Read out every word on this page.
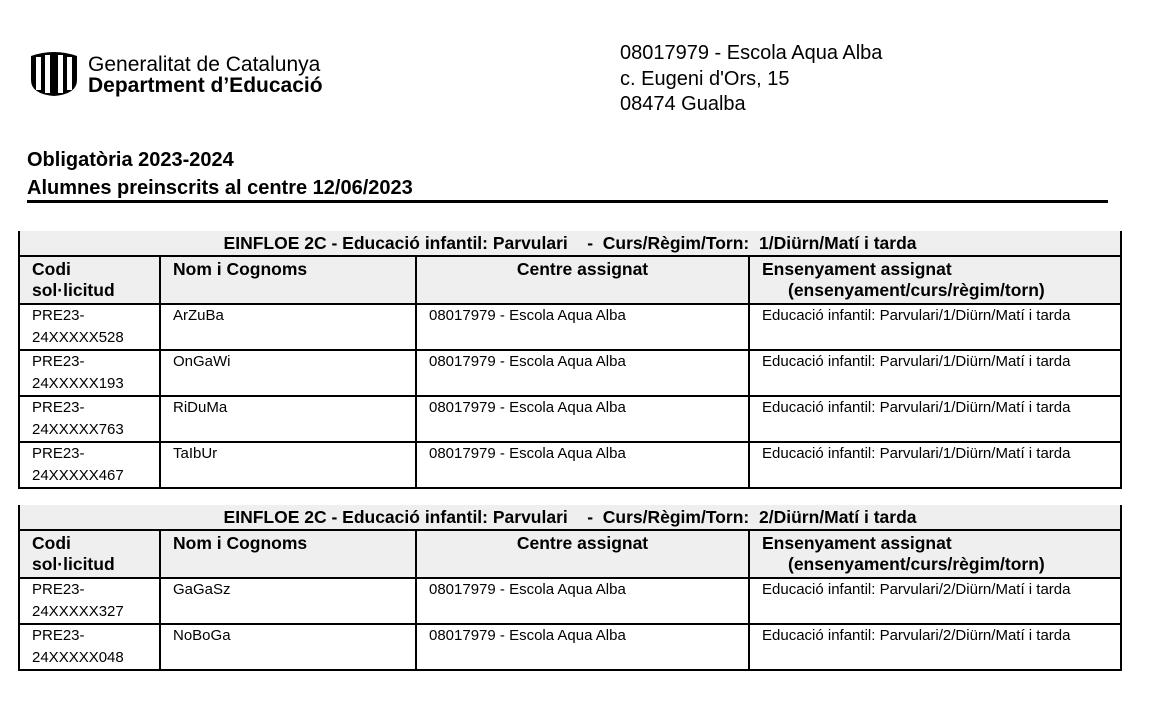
Generalitat de Catalunya
Department d’Educació
08017979 - Escola Aqua Alba
c. Eugeni d'Ors, 15
08474 Gualba
Obligatòria 2023-2024
Alumnes preinscrits al centre 12/06/2023
EINFLOE 2C - Educació infantil: Parvulari    -  Curs/Règim/Torn:  1/Diürn/Matí i tarda			
Codi
sol·licitud	Nom i Cognoms	Centre assignat	Ensenyament assignat
(ensenyament/curs/règim/torn)

PRE23-
24XXXXX528	ArZuBa	08017979 - Escola Aqua Alba	Educació infantil: Parvulari/1/Diürn/Matí i tarda
PRE23-
24XXXXX193	OnGaWi	08017979 - Escola Aqua Alba	Educació infantil: Parvulari/1/Diürn/Matí i tarda
PRE23-
24XXXXX763	RiDuMa	08017979 - Escola Aqua Alba	Educació infantil: Parvulari/1/Diürn/Matí i tarda
PRE23-
24XXXXX467	TaIbUr	08017979 - Escola Aqua Alba	Educació infantil: Parvulari/1/Diürn/Matí i tarda
EINFLOE 2C - Educació infantil: Parvulari    -  Curs/Règim/Torn:  2/Diürn/Matí i tarda			
Codi
sol·licitud	Nom i Cognoms	Centre assignat	Ensenyament assignat
(ensenyament/curs/règim/torn)

PRE23-
24XXXXX327	GaGaSz	08017979 - Escola Aqua Alba	Educació infantil: Parvulari/2/Diürn/Matí i tarda
PRE23-
24XXXXX048	NoBoGa	08017979 - Escola Aqua Alba	Educació infantil: Parvulari/2/Diürn/Matí i tarda
